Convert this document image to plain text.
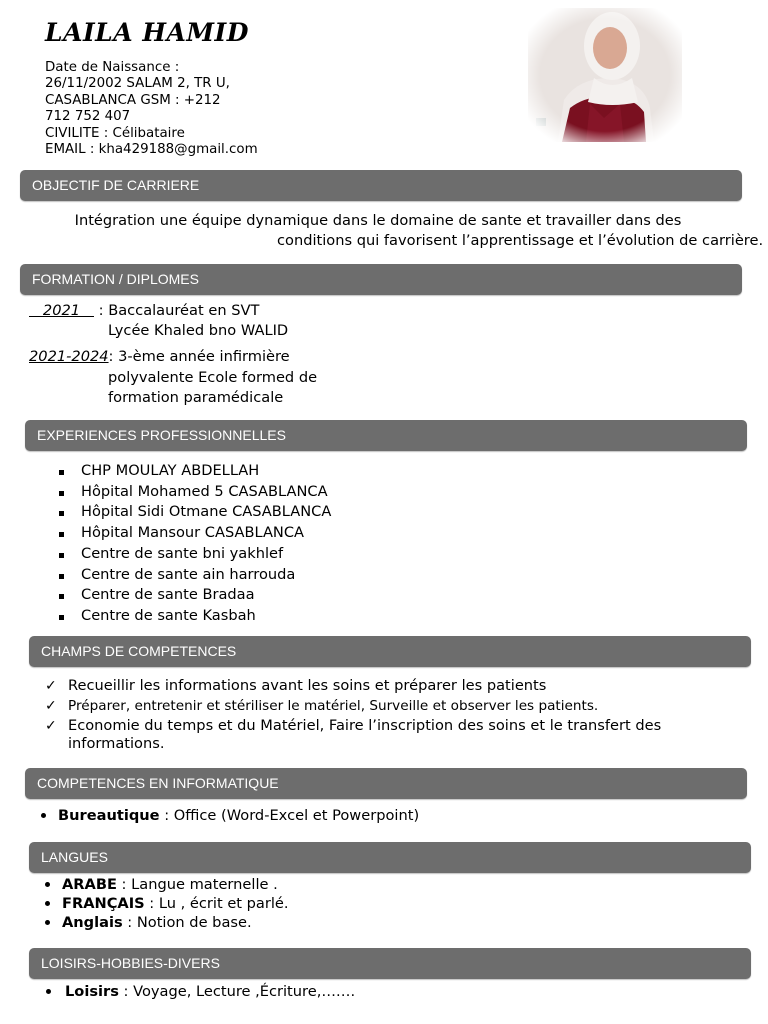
LAILA HAMID
Date de Naissance :
26/11/2002 SALAM 2, TR U,
CASABLANCA GSM : +212
712 752 407
CIVILITE : Célibataire
EMAIL : kha429188@gmail.com
OBJECTIF DE CARRIERE
Intégration une équipe dynamique dans le domaine de sante et travailler dans des
conditions qui favorisent l’apprentissage et l’évolution de carrière.
FORMATION / DIPLOMES
2021    : Baccalauréat en SVT
Lycée Khaled bno WALID
2021-2024: 3-ème année infirmière
polyvalente Ecole formed de
formation paramédicale
EXPERIENCES PROFESSIONNELLES
CHP MOULAY ABDELLAH
Hôpital Mohamed 5 CASABLANCA
Hôpital Sidi Otmane CASABLANCA
Hôpital Mansour CASABLANCA
Centre de sante bni yakhlef
Centre de sante ain harrouda
Centre de sante Bradaa
Centre de sante Kasbah
CHAMPS DE COMPETENCES
✓ Recueillir les informations avant les soins et préparer les patients
✓ Préparer, entretenir et stériliser le matériel, Surveille et observer les patients.
✓ Economie du temps et du Matériel, Faire l’inscription des soins et le transfert des informations.
COMPETENCES EN INFORMATIQUE
Bureautique : Office (Word-Excel et Powerpoint)
LANGUES
ARABE : Langue maternelle .
FRANÇAIS : Lu , écrit et parlé.
Anglais : Notion de base.
LOISIRS-HOBBIES-DIVERS
Loisirs : Voyage, Lecture ,Écriture,…….
